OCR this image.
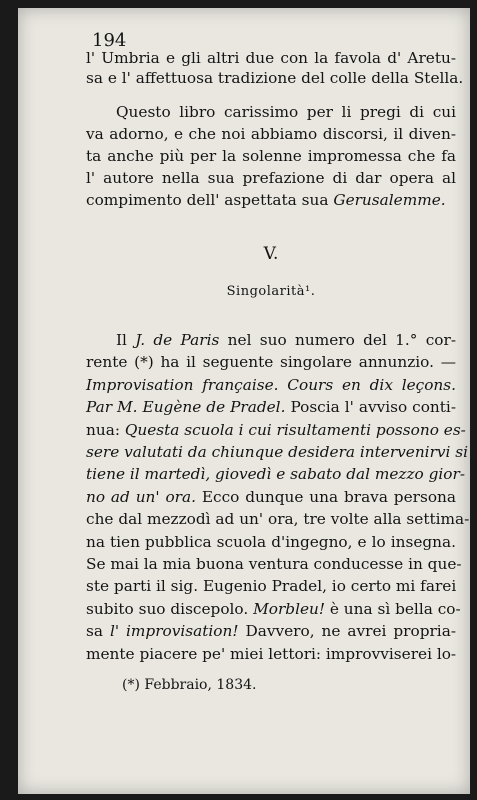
194
l' Umbria e gli altri due con la favola d' Aretu-
sa e l' affettuosa tradizione del colle della Stella.
Questo libro carissimo per li pregi di cui
va adorno, e che noi abbiamo discorsi, il diven-
ta anche più per la solenne impromessa che fa
l' autore nella sua prefazione di dar opera al
compimento dell' aspettata sua Gerusalemme.
V.
Singolarità¹.
Il J. de Paris nel suo numero del 1.° cor-
rente (*) ha il seguente singolare annunzio. —
Improvisation française. Cours en dix leçons.
Par M. Eugène de Pradel. Poscia l' avviso conti-
nua: Questa scuola i cui risultamenti possono es-
sere valutati da chiunque desidera intervenirvi si
tiene il martedì, giovedì e sabato dal mezzo gior-
no ad un' ora. Ecco dunque una brava persona
che dal mezzodì ad un' ora, tre volte alla settima-
na tien pubblica scuola d'ingegno, e lo insegna.
Se mai la mia buona ventura conducesse in que-
ste parti il sig. Eugenio Pradel, io certo mi farei
subito suo discepolo. Morbleu! è una sì bella co-
sa l' improvisation! Davvero, ne avrei propria-
mente piacere pe' miei lettori: improvviserei lo-
(*) Febbraio, 1834.
